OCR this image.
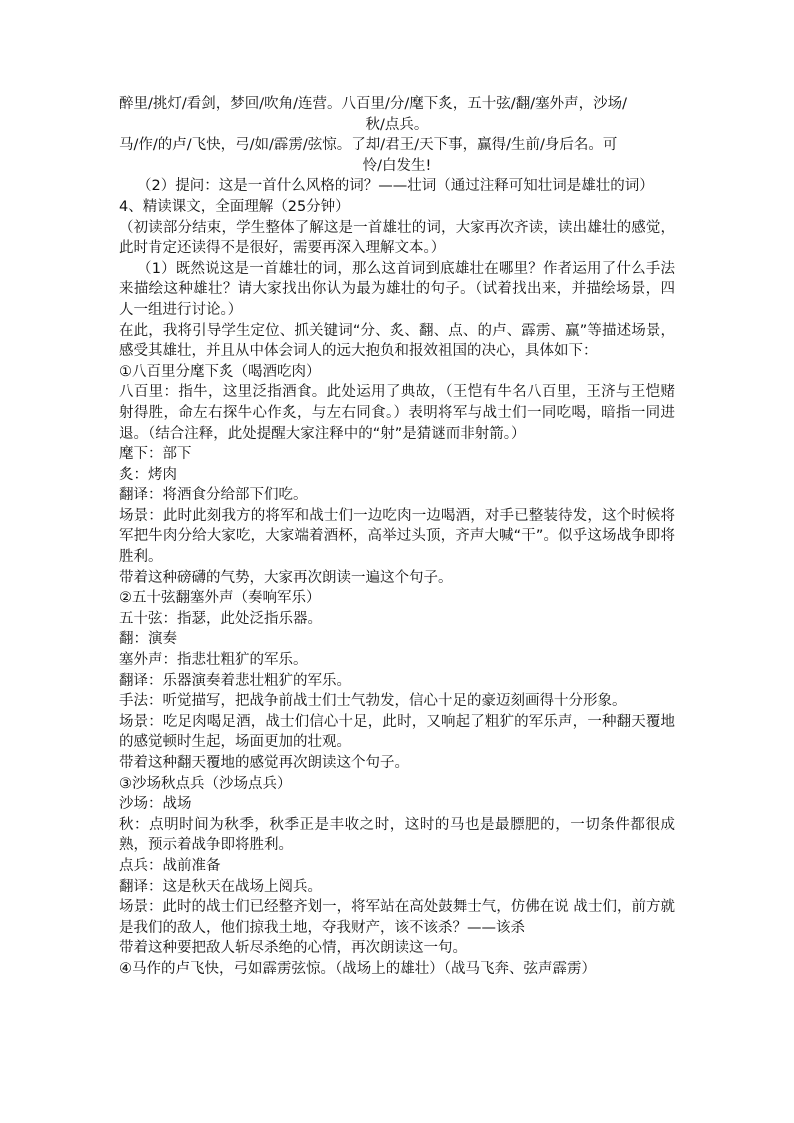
醉里/挑灯/看剑，梦回/吹角/连营。八百里/分/麾下炙，五十弦/翻/塞外声，沙场/

秋/点兵。

马/作/的卢/飞快，弓/如/霹雳/弦惊。了却/君王/天下事，赢得/生前/身后名。可

怜/白发生!

（2）提问：这是一首什么风格的词？——壮词（通过注释可知壮词是雄壮的词）

4、精读课文，全面理解（25分钟）

（初读部分结束，学生整体了解这是一首雄壮的词，大家再次齐读，读出雄壮的感觉，此时肯定还读得不是很好，需要再深入理解文本。）

（1）既然说这是一首雄壮的词，那么这首词到底雄壮在哪里？作者运用了什么手法来描绘这种雄壮？请大家找出你认为最为雄壮的句子。（试着找出来，并描绘场景，四人一组进行讨论。）

在此，我将引导学生定位、抓关键词“分、炙、翻、点、的卢、霹雳、赢”等描述场景，感受其雄壮，并且从中体会词人的远大抱负和报效祖国的决心，具体如下：

①八百里分麾下炙（喝酒吃肉）

八百里：指牛，这里泛指酒食。此处运用了典故，（王恺有牛名八百里，王济与王恺赌射得胜，命左右探牛心作炙，与左右同食。）表明将军与战士们一同吃喝，暗指一同进退。（结合注释，此处提醒大家注释中的“射”是猜谜而非射箭。）

麾下：部下

炙：烤肉

翻译：将酒食分给部下们吃。

场景：此时此刻我方的将军和战士们一边吃肉一边喝酒，对手已整装待发，这个时候将军把牛肉分给大家吃，大家端着酒杯，高举过头顶，齐声大喊“干”。似乎这场战争即将胜利。

带着这种磅礴的气势，大家再次朗读一遍这个句子。

②五十弦翻塞外声（奏响军乐）

五十弦：指瑟，此处泛指乐器。

翻：演奏

塞外声：指悲壮粗犷的军乐。

翻译：乐器演奏着悲壮粗犷的军乐。

手法：听觉描写，把战争前战士们士气勃发，信心十足的豪迈刻画得十分形象。

场景：吃足肉喝足酒，战士们信心十足，此时，又响起了粗犷的军乐声，一种翻天覆地的感觉顿时生起，场面更加的壮观。

带着这种翻天覆地的感觉再次朗读这个句子。

③沙场秋点兵（沙场点兵）

沙场：战场

秋：点明时间为秋季，秋季正是丰收之时，这时的马也是最膘肥的，一切条件都很成熟，预示着战争即将胜利。

点兵：战前准备

翻译：这是秋天在战场上阅兵。

场景：此时的战士们已经整齐划一，将军站在高处鼓舞士气，仿佛在说 战士们，前方就是我们的敌人，他们掠我土地，夺我财产，该不该杀？——该杀

带着这种要把敌人斩尽杀绝的心情，再次朗读这一句。

④马作的卢飞快，弓如霹雳弦惊。（战场上的雄壮）（战马飞奔、弦声霹雳）
